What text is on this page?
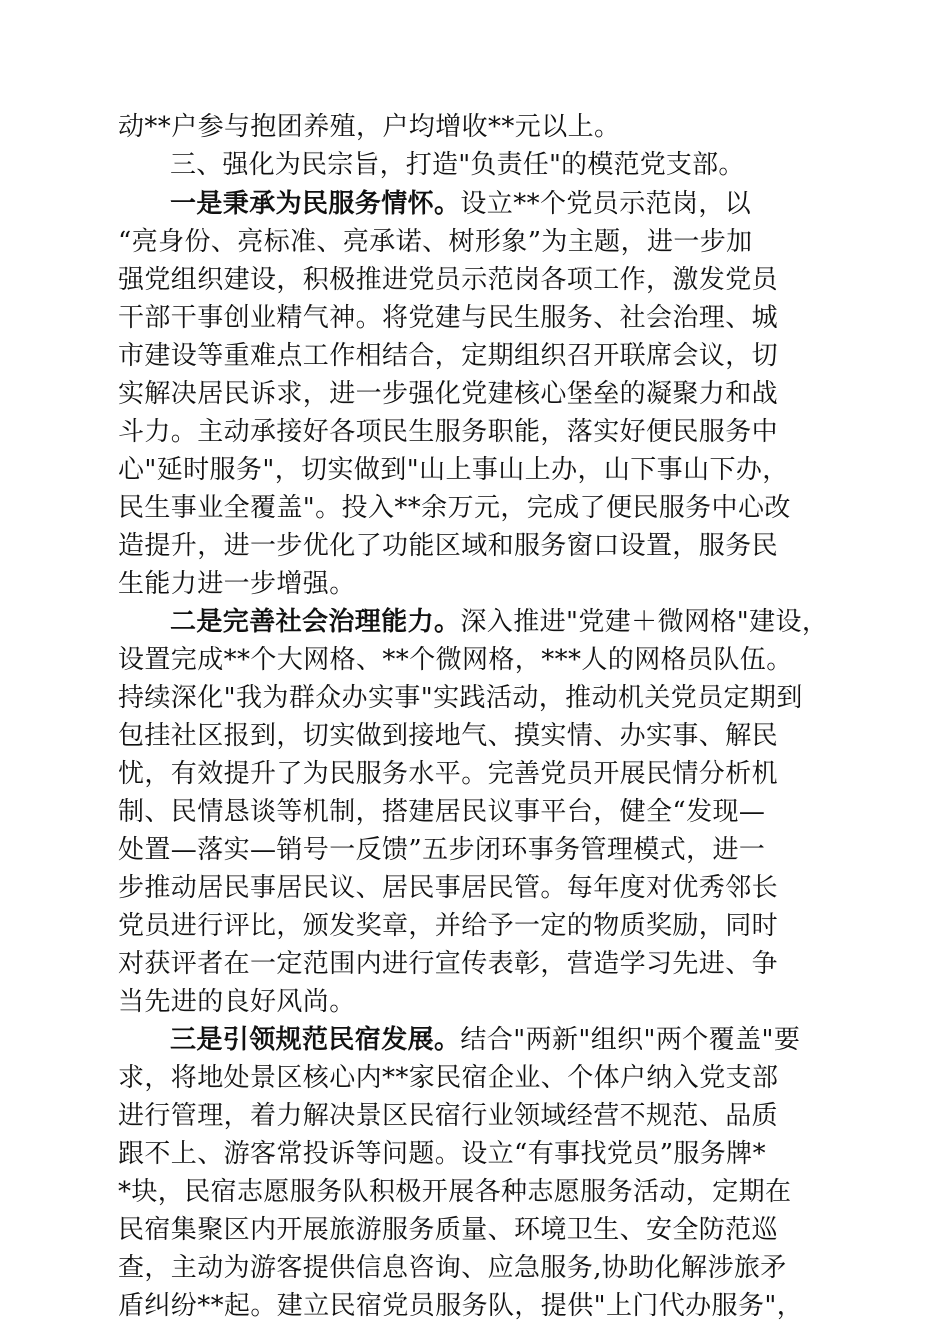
动**户参与抱团养殖，户均增收**元以上。
三、强化为民宗旨，打造"负责任"的模范党支部。
一是秉承为民服务情怀。设立**个党员示范岗，以
“亮身份、亮标准、亮承诺、树形象”为主题，进一步加
强党组织建设，积极推进党员示范岗各项工作，激发党员
干部干事创业精气神。将党建与民生服务、社会治理、城
市建设等重难点工作相结合，定期组织召开联席会议，切
实解决居民诉求，进一步强化党建核心堡垒的凝聚力和战
斗力。主动承接好各项民生服务职能，落实好便民服务中
心"延时服务"，切实做到"山上事山上办，山下事山下办，
民生事业全覆盖"。投入**余万元，完成了便民服务中心改
造提升，进一步优化了功能区域和服务窗口设置，服务民
生能力进一步增强。
二是完善社会治理能力。深入推进"党建＋微网格"建设，
设置完成**个大网格、**个微网格，***人的网格员队伍。
持续深化"我为群众办实事"实践活动，推动机关党员定期到
包挂社区报到，切实做到接地气、摸实情、办实事、解民
忧，有效提升了为民服务水平。完善党员开展民情分析机
制、民情恳谈等机制，搭建居民议事平台，健全“发现—
处置—落实—销号一反馈”五步闭环事务管理模式，进一
步推动居民事居民议、居民事居民管。每年度对优秀邻长
党员进行评比，颁发奖章，并给予一定的物质奖励，同时
对获评者在一定范围内进行宣传表彰，营造学习先进、争
当先进的良好风尚。
三是引领规范民宿发展。结合"两新"组织"两个覆盖"要
求，将地处景区核心内**家民宿企业、个体户纳入党支部
进行管理，着力解决景区民宿行业领域经营不规范、品质
跟不上、游客常投诉等问题。设立“有事找党员”服务牌*
*块，民宿志愿服务队积极开展各种志愿服务活动，定期在
民宿集聚区内开展旅游服务质量、环境卫生、安全防范巡
查，主动为游客提供信息咨询、应急服务,协助化解涉旅矛
盾纠纷**起。建立民宿党员服务队，提供"上门代办服务"，
